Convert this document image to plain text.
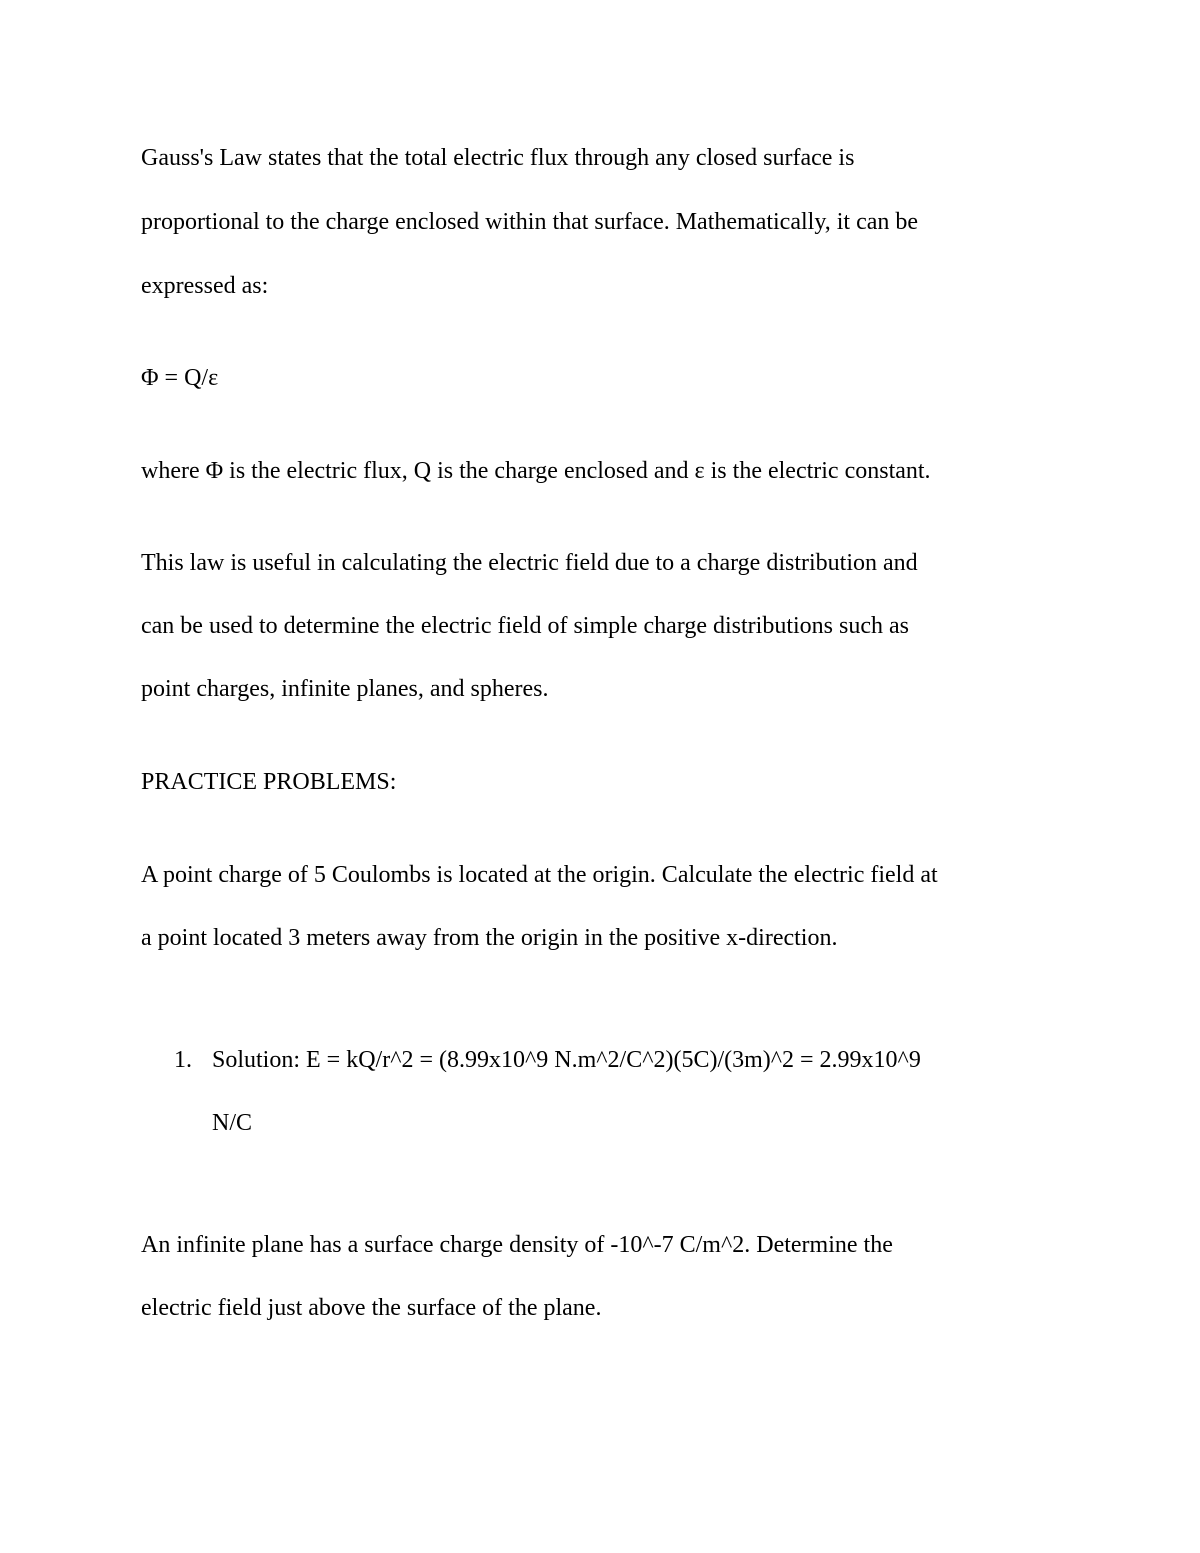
Gauss's Law states that the total electric flux through any closed surface is
proportional to the charge enclosed within that surface. Mathematically, it can be
expressed as:
Φ = Q/ε
where Φ is the electric flux, Q is the charge enclosed and ε is the electric constant.
This law is useful in calculating the electric field due to a charge distribution and
can be used to determine the electric field of simple charge distributions such as
point charges, infinite planes, and spheres.
PRACTICE PROBLEMS:
A point charge of 5 Coulombs is located at the origin. Calculate the electric field at
a point located 3 meters away from the origin in the positive x-direction.
1. Solution: E = kQ/r^2 = (8.99x10^9 N.m^2/C^2)(5C)/(3m)^2 = 2.99x10^9
N/C
An infinite plane has a surface charge density of -10^-7 C/m^2. Determine the
electric field just above the surface of the plane.
